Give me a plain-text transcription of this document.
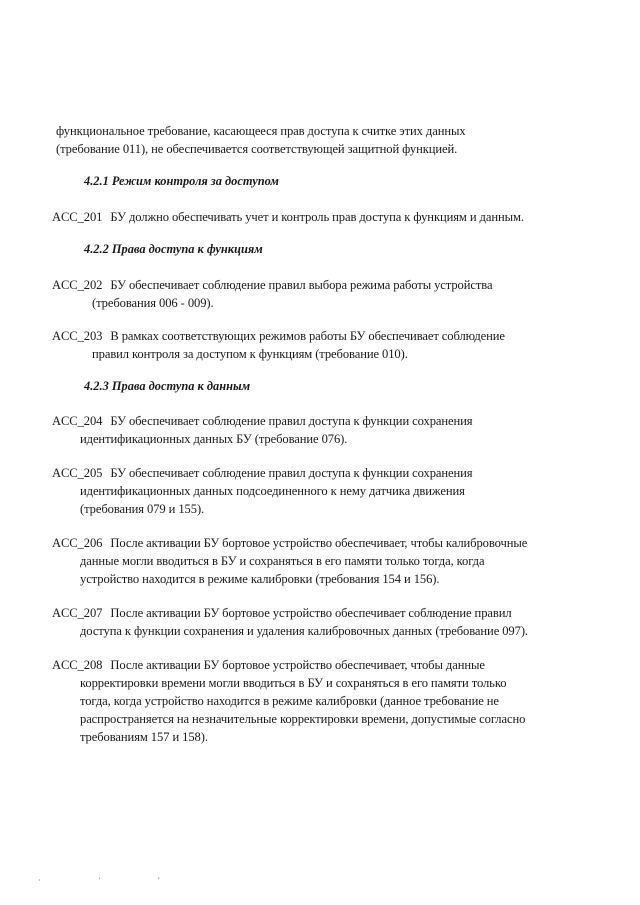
функциональное требование, касающееся прав доступа к считке этих данных
(требование 011), не обеспечивается соответствующей защитной функцией.
4.2.1 Режим контроля за доступом
ACC_201 БУ должно обеспечивать учет и контроль прав доступа к функциям и данным.
4.2.2 Права доступа к функциям
ACC_202 БУ обеспечивает соблюдение правил выбора режима работы устройства
(требования 006 - 009).
ACC_203 В рамках соответствующих режимов работы БУ обеспечивает соблюдение
правил контроля за доступом к функциям (требование 010).
4.2.3 Права доступа к данным
ACC_204 БУ обеспечивает соблюдение правил доступа к функции сохранения
идентификационных данных БУ (требование 076).
ACC_205 БУ обеспечивает соблюдение правил доступа к функции сохранения
идентификационных данных подсоединенного к нему датчика движения
(требования 079 и 155).
ACC_206 После активации БУ бортовое устройство обеспечивает, чтобы калибровочные
данные могли вводиться в БУ и сохраняться в его памяти только тогда, когда
устройство находится в режиме калибровки (требования 154 и 156).
ACC_207 После активации БУ бортовое устройство обеспечивает соблюдение правил
доступа к функции сохранения и удаления калибровочных данных (требование 097).
ACC_208 После активации БУ бортовое устройство обеспечивает, чтобы данные
корректировки времени могли вводиться в БУ и сохраняться в его памяти только
тогда, когда устройство находится в режиме калибровки (данное требование не
распространяется на незначительные корректировки времени, допустимые согласно
требованиям 157 и 158).
· ' '
